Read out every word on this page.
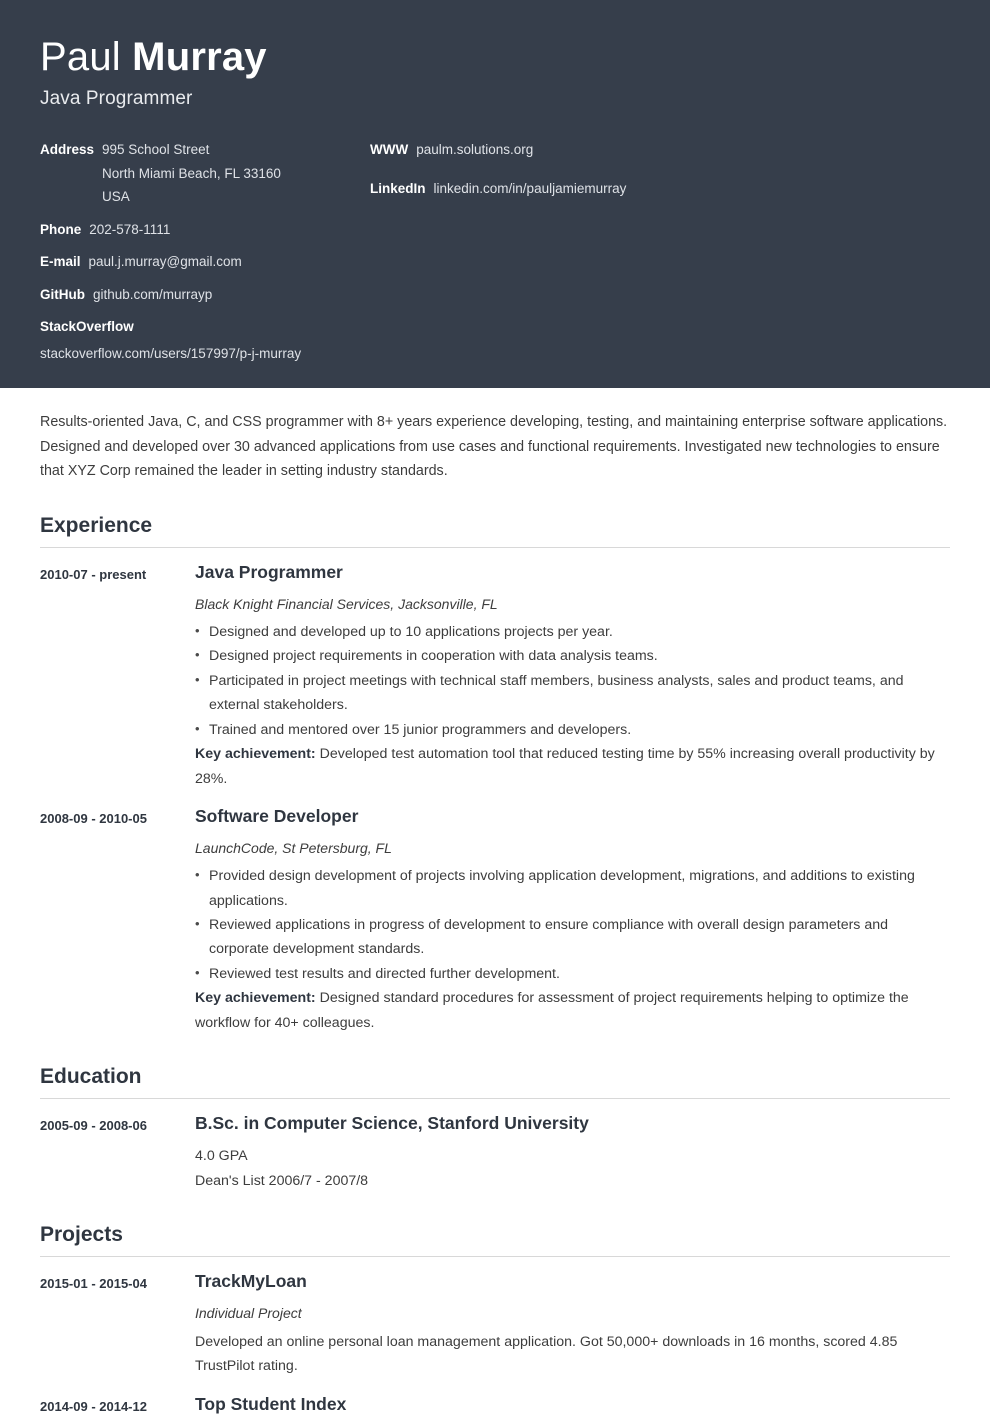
Paul Murray
Java Programmer
Address 995 School Street
North Miami Beach, FL 33160
USA
Phone 202-578-1111
E-mail paul.j.murray@gmail.com
GitHub github.com/murrayp
StackOverflow
stackoverflow.com/users/157997/p-j-murray
WWW paulm.solutions.org
LinkedIn linkedin.com/in/pauljamiemurray

Results-oriented Java, C, and CSS programmer with 8+ years experience developing, testing, and maintaining enterprise software applications. Designed and developed over 30 advanced applications from use cases and functional requirements. Investigated new technologies to ensure that XYZ Corp remained the leader in setting industry standards.

Experience
2010-07 - present	Java Programmer
Black Knight Financial Services, Jacksonville, FL
• Designed and developed up to 10 applications projects per year.
• Designed project requirements in cooperation with data analysis teams.
• Participated in project meetings with technical staff members, business analysts, sales and product teams, and external stakeholders.
• Trained and mentored over 15 junior programmers and developers.

Key achievement: Developed test automation tool that reduced testing time by 55% increasing overall productivity by 28%.

2008-09 - 2010-05	Software Developer
LaunchCode, St Petersburg, FL
• Provided design development of projects involving application development, migrations, and additions to existing applications.
• Reviewed applications in progress of development to ensure compliance with overall design parameters and corporate development standards.
• Reviewed test results and directed further development.

Key achievement: Designed standard procedures for assessment of project requirements helping to optimize the workflow for 40+ colleagues.

Education
2005-09 - 2008-06	B.Sc. in Computer Science, Stanford University

4.0 GPA

Dean's List 2006/7 - 2007/8

Projects
2015-01 - 2015-04	TrackMyLoan
Individual Project

Developed an online personal loan management application. Got 50,000+ downloads in 16 months, scored 4.85 TrustPilot rating.

2014-09 - 2014-12	Top Student Index
